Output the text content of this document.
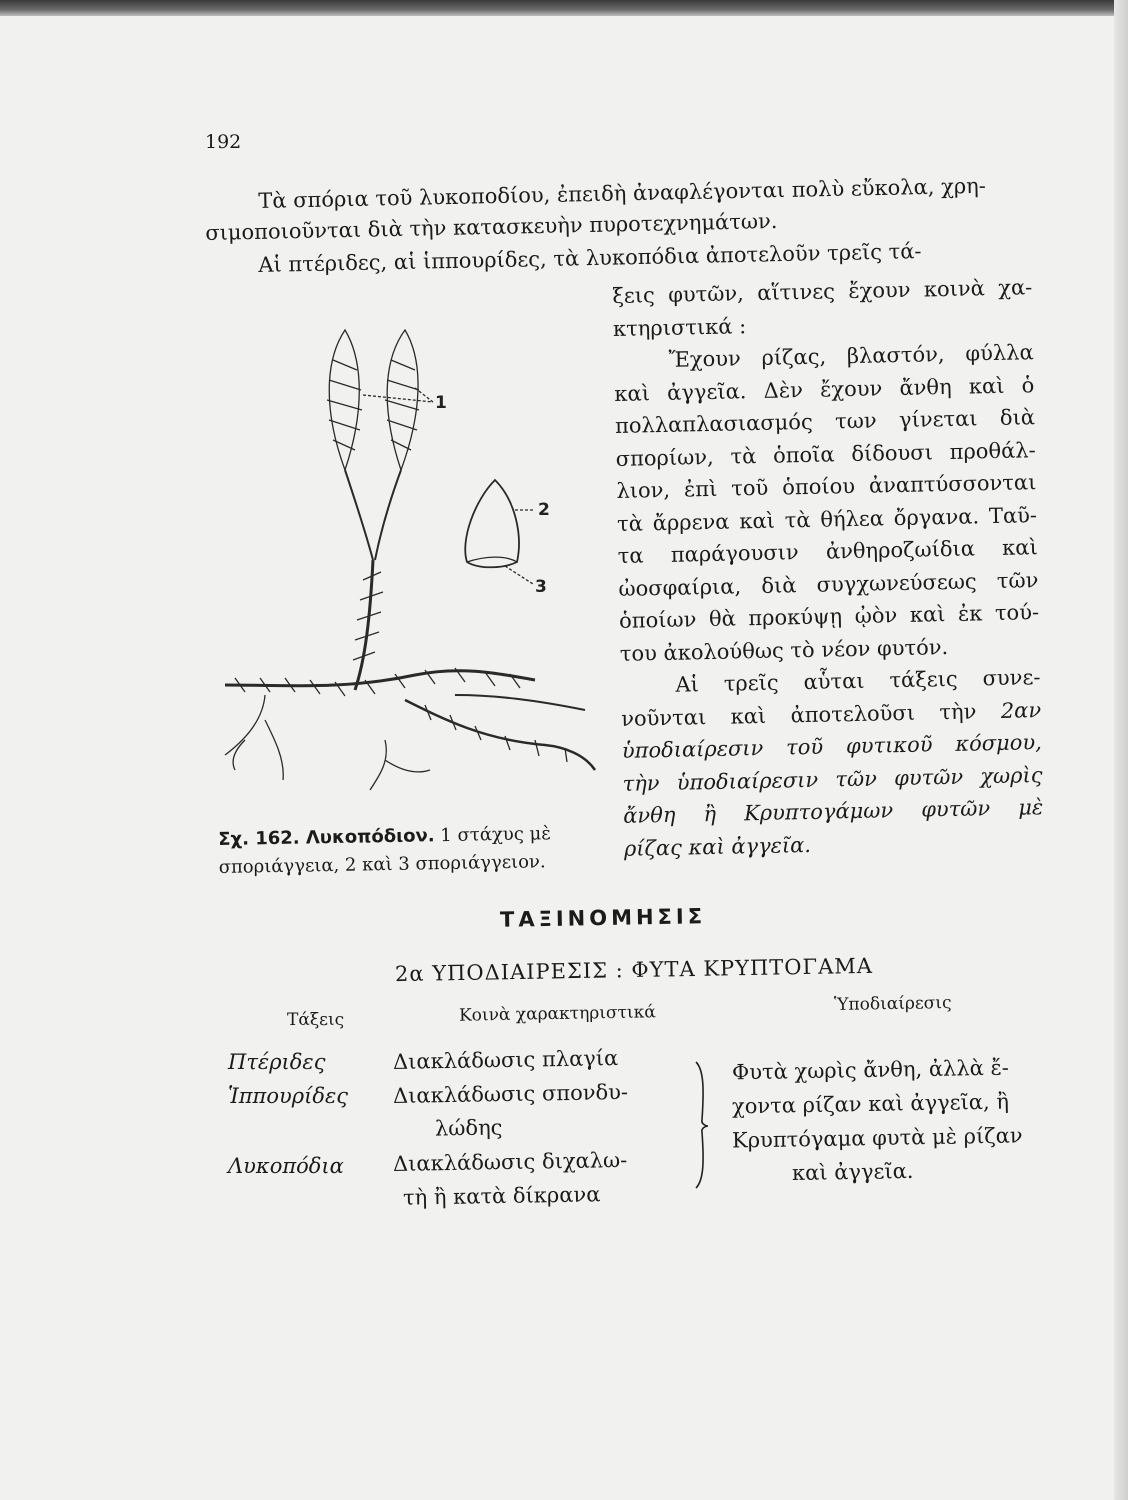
192
Τὰ σπόρια τοῦ λυκοποδίου, ἐπειδὴ ἀναφλέγονται πολὺ εὔκολα, χρη-
σιμοποιοῦνται διὰ τὴν κατασκευὴν πυροτεχνημάτων.
Αἱ πτέριδες, αἱ ἱππουρίδες, τὰ λυκοπόδια ἀποτελοῦν τρεῖς τά-
ξεις φυτῶν, αἵτινες ἔχουν κοινὰ χα-
κτηριστικά :
Ἔχουν ρίζας, βλαστόν, φύλλα
καὶ ἀγγεῖα. Δὲν ἔχουν ἄνθη καὶ ὁ
πολλαπλασιασμός των γίνεται διὰ
σπορίων, τὰ ὁποῖα δίδουσι προθάλ-
λιον, ἐπὶ τοῦ ὁποίου ἀναπτύσσονται
τὰ ἄρρενα καὶ τὰ θήλεα ὄργανα. Ταῦ-
τα παράγουσιν ἀνθηροζωίδια καὶ
ὠοσφαίρια, διὰ συγχωνεύσεως τῶν
ὁποίων θὰ προκύψῃ ᾠὸν καὶ ἐκ τού-
του ἀκολούθως τὸ νέον φυτόν.
Αἱ τρεῖς αὗται τάξεις συνε-
νοῦνται καὶ ἀποτελοῦσι τὴν 2αν
ὑποδιαίρεσιν τοῦ φυτικοῦ κόσμου,
τὴν ὑποδιαίρεσιν τῶν φυτῶν χωρὶς
ἄνθη ἢ Κρυπτογάμων φυτῶν μὲ
ρίζας καὶ ἀγγεῖα.
1
2
3
Σχ. 162. Λυκοπόδιον. 1 στάχυς μὲ
σποριάγγεια, 2 καὶ 3 σποριάγγειον.
ΤΑΞΙΝΟΜΗΣΙΣ
2α ΥΠΟΔΙΑΙΡΕΣΙΣ : ΦΥΤΑ ΚΡΥΠΤΟΓΑΜΑ
Τάξεις	Κοινὰ χαρακτηριστικά	Ὑποδιαίρεσις
Πτέριδες
Ἱππουρίδες
Λυκοπόδια
Διακλάδωσις πλαγία
Διακλάδωσις σπονδυ-
λώδης
Διακλάδωσις διχαλω-
τὴ ἢ κατὰ δίκρανα
Φυτὰ χωρὶς ἄνθη, ἀλλὰ ἔ-
χοντα ρίζαν καὶ ἀγγεῖα, ἢ
Κρυπτόγαμα φυτὰ μὲ ρίζαν
καὶ ἀγγεῖα.
